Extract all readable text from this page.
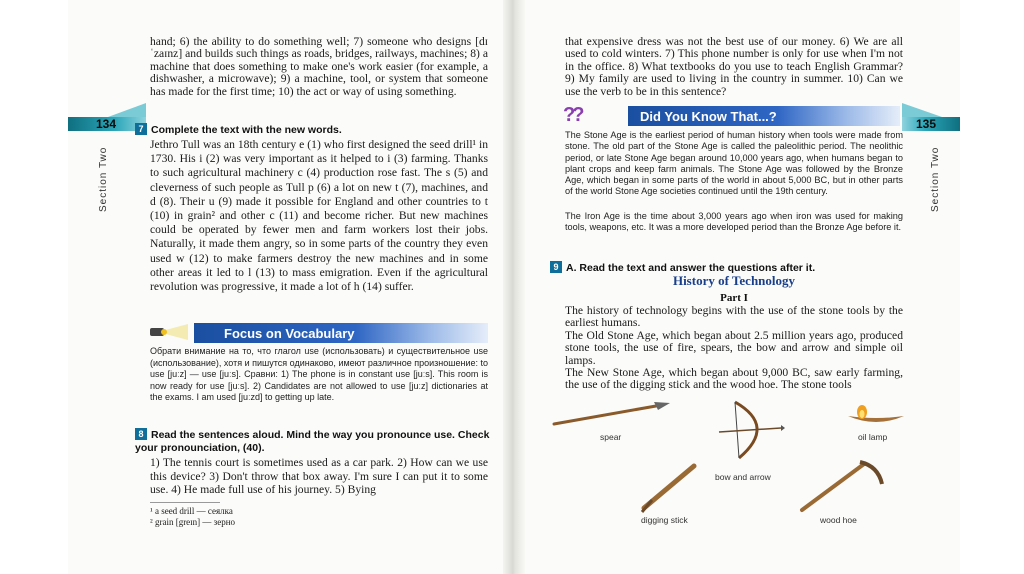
134
Section Two

hand; 6) the ability to do something well; 7) someone who designs [dɪˈzaɪnz] and builds such things as roads, bridges, railways, machines; 8) a machine that does something to make one's work easier (for example, a dishwasher, a microwave); 9) a machine, tool, or system that someone has made for the first time; 10) the act or way of using something.

7 Complete the text with the new words.

Jethro Tull was an 18th century e (1) who first designed the seed drill¹ in 1730. His i (2) was very important as it helped to i (3) farming. Thanks to such agricultural machinery c (4) production rose fast. The s (5) and cleverness of such people as Tull p (6) a lot on new t (7), machines, and d (8). Their u (9) made it possible for England and other countries to t (10) in grain² and other c (11) and become richer. But new machines could be operated by fewer men and farm workers lost their jobs. Naturally, it made them angry, so in some parts of the country they even used w (12) to make farmers destroy the new machines and in some other areas it led to l (13) to mass emigration. Even if the agricultural revolution was progressive, it made a lot of h (14) suffer.

Focus on Vocabulary

Обрати внимание на то, что глагол use (использовать) и существительное use (использование), хотя и пишутся одинаково, имеют различное произношение: to use [juːz] — use [juːs]. Сравни: 1) The phone is in constant use [juːs]. This room is now ready for use [juːs]. 2) Candidates are not allowed to use [juːz] dictionaries at the exams. I am used [juːzd] to getting up late.

8 Read the sentences aloud. Mind the way you pronounce use. Check your pronounciation, (40).

1) The tennis court is sometimes used as a car park. 2) How can we use this device? 3) Don't throw that box away. I'm sure I can put it to some use. 4) He made full use of his journey. 5) Bying

¹ a seed drill — сеялка
² grain [greɪn] — зерно
135
Section Two

that expensive dress was not the best use of our money. 6) We are all used to cold winters. 7) This phone number is only for use when I'm not in the office. 8) What textbooks do you use to teach English Grammar? 9) My family are used to living in the country in summer. 10) Can we use the verb to be in this sentence?

??	Did You Know That...?

The Stone Age is the earliest period of human history when tools were made from stone. The old part of the Stone Age is called the paleolithic period. The neolithic period, or late Stone Age began around 10,000 years ago, when humans began to plant crops and keep farm animals. The Stone Age was followed by the Bronze Age, which began in some parts of the world in about 5,000 BC, but in other parts of the world Stone Age societies continued until the 19th century.

The Iron Age is the time about 3,000 years ago when iron was used for making tools, weapons, etc. It was a more developed period than the Bronze Age before it.

9 A. Read the text and answer the questions after it.
History of Technology
Part I

The history of technology begins with the use of the stone tools by the earliest humans.

The Old Stone Age, which began about 2.5 million years ago, produced stone tools, the use of fire, spears, the bow and arrow and simple oil lamps.

The New Stone Age, which began about 9,000 BC, saw early farming, the use of the digging stick and the wood hoe. The stone tools

spear
bow and arrow
oil lamp
digging stick	wood hoe
